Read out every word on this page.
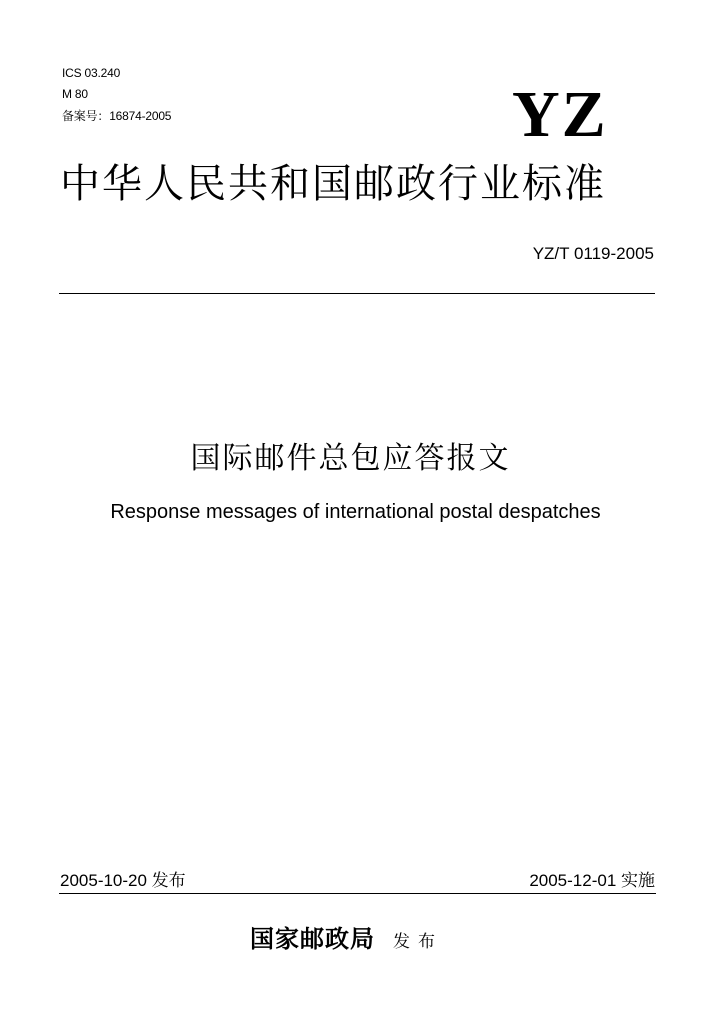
ICS 03.240
M 80
备案号：16874-2005	YZ
中华人民共和国邮政行业标准
YZ/T 0119-2005
国际邮件总包应答报文
Response messages of international postal despatches
2005-10-20 发布	2005-12-01 实施
国家邮政局 发布
